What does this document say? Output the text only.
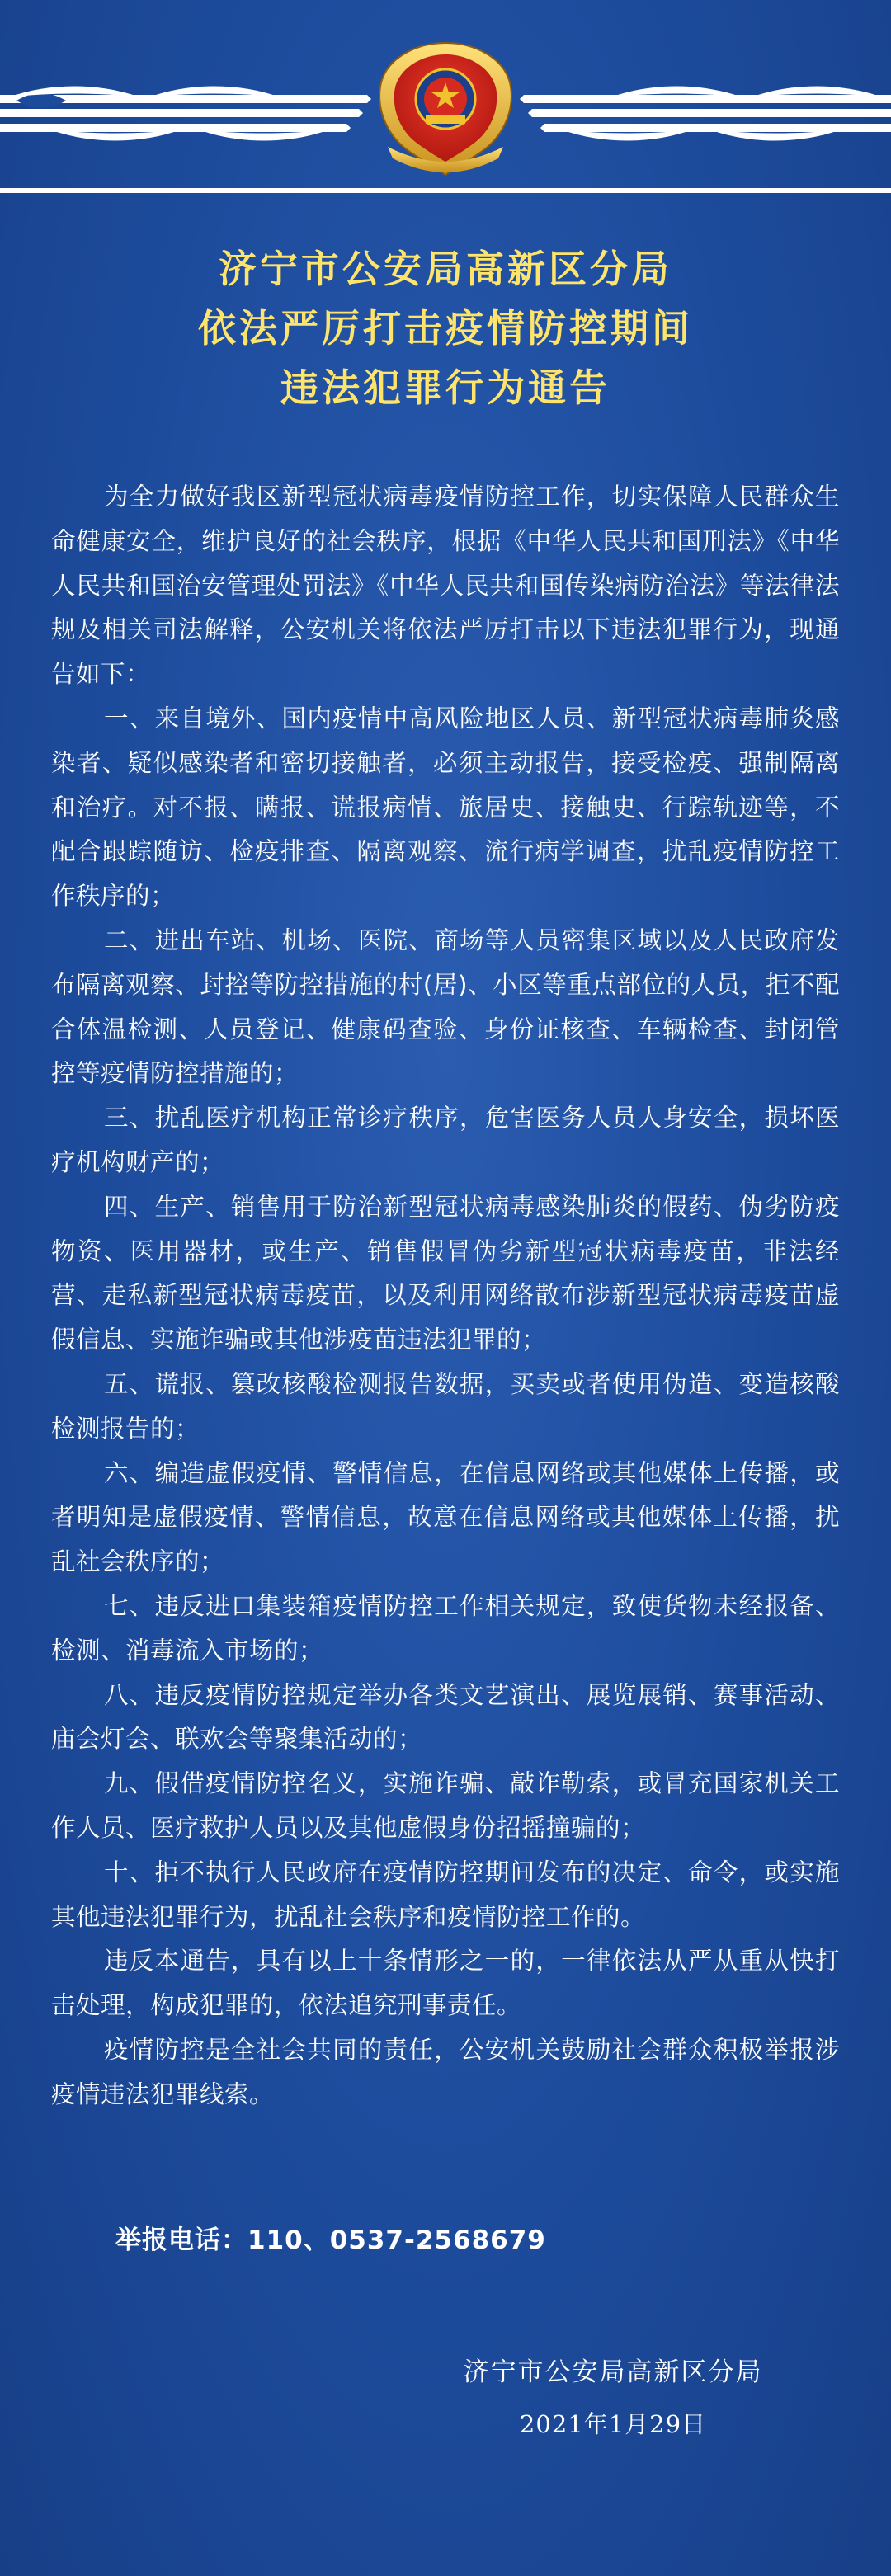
济宁市公安局高新区分局
依法严厉打击疫情防控期间
违法犯罪行为通告

为全力做好我区新型冠状病毒疫情防控工作，切实保障人民群众生命健康安全，维护良好的社会秩序，根据《中华人民共和国刑法》《中华人民共和国治安管理处罚法》《中华人民共和国传染病防治法》等法律法规及相关司法解释，公安机关将依法严厉打击以下违法犯罪行为，现通告如下：

一、来自境外、国内疫情中高风险地区人员、新型冠状病毒肺炎感染者、疑似感染者和密切接触者，必须主动报告，接受检疫、强制隔离和治疗。对不报、瞒报、谎报病情、旅居史、接触史、行踪轨迹等，不配合跟踪随访、检疫排查、隔离观察、流行病学调查，扰乱疫情防控工作秩序的；

二、进出车站、机场、医院、商场等人员密集区域以及人民政府发布隔离观察、封控等防控措施的村(居)、小区等重点部位的人员，拒不配合体温检测、人员登记、健康码查验、身份证核查、车辆检查、封闭管控等疫情防控措施的；

三、扰乱医疗机构正常诊疗秩序，危害医务人员人身安全，损坏医疗机构财产的；

四、生产、销售用于防治新型冠状病毒感染肺炎的假药、伪劣防疫物资、医用器材，或生产、销售假冒伪劣新型冠状病毒疫苗，非法经营、走私新型冠状病毒疫苗，以及利用网络散布涉新型冠状病毒疫苗虚假信息、实施诈骗或其他涉疫苗违法犯罪的；

五、谎报、篡改核酸检测报告数据，买卖或者使用伪造、变造核酸检测报告的；

六、编造虚假疫情、警情信息，在信息网络或其他媒体上传播，或者明知是虚假疫情、警情信息，故意在信息网络或其他媒体上传播，扰乱社会秩序的；

七、违反进口集装箱疫情防控工作相关规定，致使货物未经报备、检测、消毒流入市场的；

八、违反疫情防控规定举办各类文艺演出、展览展销、赛事活动、庙会灯会、联欢会等聚集活动的；

九、假借疫情防控名义，实施诈骗、敲诈勒索，或冒充国家机关工作人员、医疗救护人员以及其他虚假身份招摇撞骗的；

十、拒不执行人民政府在疫情防控期间发布的决定、命令，或实施其他违法犯罪行为，扰乱社会秩序和疫情防控工作的。

违反本通告，具有以上十条情形之一的，一律依法从严从重从快打击处理，构成犯罪的，依法追究刑事责任。

疫情防控是全社会共同的责任，公安机关鼓励社会群众积极举报涉疫情违法犯罪线索。

举报电话：110、0537-2568679
济宁市公安局高新区分局
2021年1月29日
